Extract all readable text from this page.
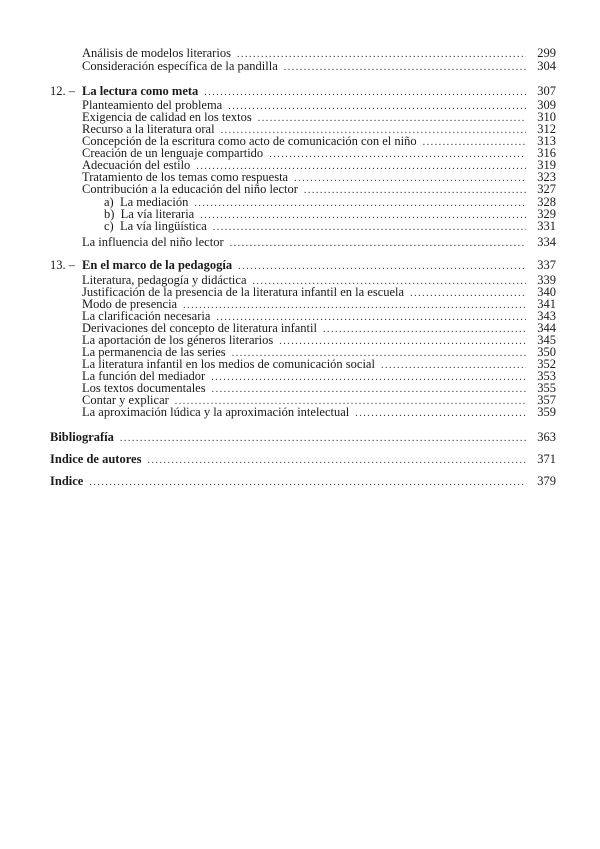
Análisis de modelos literarios .....	299
Consideración específica de la pandilla .....	304
12. – La lectura como meta .....	307
Planteamiento del problema .....	309
Exigencia de calidad en los textos .....	310
Recurso a la literatura oral .....	312
Concepción de la escritura como acto de comunicación con el niño .....	313
Creación de un lenguaje compartido .....	316
Adecuación del estilo .....	319
Tratamiento de los temas como respuesta .....	323
Contribución a la educación del niño lector .....	327
a)  La mediación .....	328
b)  La vía literaria .....	329
c)  La vía lingüística .....	331
La influencia del niño lector .....	334
13. – En el marco de la pedagogía .....	337
Literatura, pedagogía y didáctica .....	339
Justificación de la presencia de la literatura infantil en la escuela .....	340
Modo de presencia .....	341
La clarificación necesaria .....	343
Derivaciones del concepto de literatura infantil .....	344
La aportación de los géneros literarios .....	345
La permanencia de las series .....	350
La literatura infantil en los medios de comunicación social .....	352
La función del mediador .....	353
Los textos documentales .....	355
Contar y explicar .....	357
La aproximación lúdica y la aproximación intelectual .....	359
Bibliografía .....	363
Indice de autores .....	371
Indice .....	379
